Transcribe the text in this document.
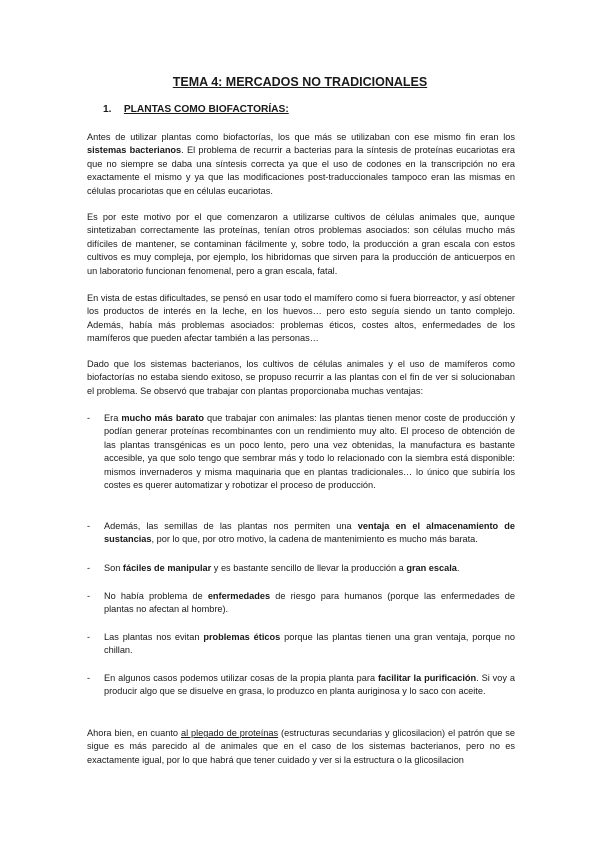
TEMA 4: MERCADOS NO TRADICIONALES
1. PLANTAS COMO BIOFACTORÍAS:

Antes de utilizar plantas como biofactorías, los que más se utilizaban con ese mismo fin eran los sistemas bacterianos. El problema de recurrir a bacterias para la síntesis de proteínas eucariotas era que no siempre se daba una síntesis correcta ya que el uso de codones en la transcripción no era exactamente el mismo y ya que las modificaciones post-traduccionales tampoco eran las mismas en células procariotas que en células eucariotas.

Es por este motivo por el que comenzaron a utilizarse cultivos de células animales que, aunque sintetizaban correctamente las proteínas, tenían otros problemas asociados: son células mucho más difíciles de mantener, se contaminan fácilmente y, sobre todo, la producción a gran escala con estos cultivos es muy compleja, por ejemplo, los hibridomas que sirven para la producción de anticuerpos en un laboratorio funcionan fenomenal, pero a gran escala, fatal.

En vista de estas dificultades, se pensó en usar todo el mamífero como si fuera biorreactor, y así obtener los productos de interés en la leche, en los huevos… pero esto seguía siendo un tanto complejo. Además, había más problemas asociados: problemas éticos, costes altos, enfermedades de los mamíferos que pueden afectar también a las personas…

Dado que los sistemas bacterianos, los cultivos de células animales y el uso de mamíferos como biofactorías no estaba siendo exitoso, se propuso recurrir a las plantas con el fin de ver si solucionaban el problema. Se observó que trabajar con plantas proporcionaba muchas ventajas:

-	Era mucho más barato que trabajar con animales: las plantas tienen menor coste de producción y podían generar proteínas recombinantes con un rendimiento muy alto. El proceso de obtención de las plantas transgénicas es un poco lento, pero una vez obtenidas, la manufactura es bastante accesible, ya que solo tengo que sembrar más y todo lo relacionado con la siembra está disponible: mismos invernaderos y misma maquinaria que en plantas tradicionales… lo único que subiría los costes es querer automatizar y robotizar el proceso de producción.
-	Además, las semillas de las plantas nos permiten una ventaja en el almacenamiento de sustancias, por lo que, por otro motivo, la cadena de mantenimiento es mucho más barata.
-	Son fáciles de manipular y es bastante sencillo de llevar la producción a gran escala.
-	No había problema de enfermedades de riesgo para humanos (porque las enfermedades de plantas no afectan al hombre).
-	Las plantas nos evitan problemas éticos porque las plantas tienen una gran ventaja, porque no chillan.
-	En algunos casos podemos utilizar cosas de la propia planta para facilitar la purificación. Si voy a producir algo que se disuelve en grasa, lo produzco en planta auriginosa y lo saco con aceite.

Ahora bien, en cuanto al plegado de proteínas (estructuras secundarias y glicosilacion) el patrón que se sigue es más parecido al de animales que en el caso de los sistemas bacterianos, pero no es exactamente igual, por lo que habrá que tener cuidado y ver si la estructura o la glicosilacion
